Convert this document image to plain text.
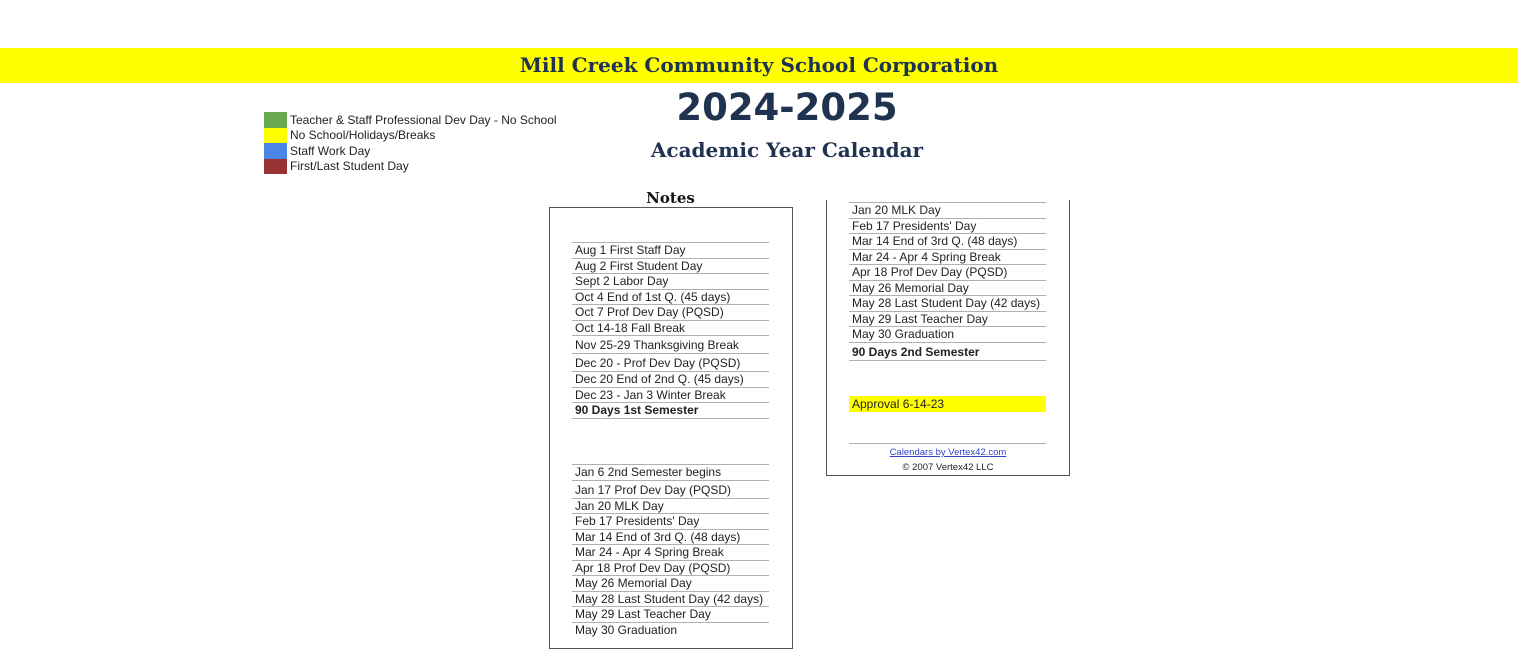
Mill Creek Community School Corporation
2024-2025
Academic Year Calendar
Teacher & Staff Professional Dev Day - No School
No School/Holidays/Breaks
Staff Work Day
First/Last Student Day
Notes
Aug 1 First Staff Day
Aug 2 First Student Day
Sept 2 Labor Day
Oct 4 End of 1st Q. (45 days)
Oct 7 Prof Dev Day (PQSD)
Oct 14-18 Fall Break
Nov 25-29 Thanksgiving Break
Dec 20 - Prof Dev Day (PQSD)
Dec 20 End of 2nd Q. (45 days)
Dec 23 - Jan 3 Winter Break
90 Days 1st Semester
Jan 6 2nd Semester begins
Jan 17 Prof Dev Day (PQSD)
Jan 20 MLK Day
Feb 17 Presidents' Day
Mar 14 End of 3rd Q. (48 days)
Mar 24 - Apr 4 Spring Break
Apr 18 Prof Dev Day (PQSD)
May 26 Memorial Day
May 28 Last Student Day (42 days)
May 29 Last Teacher Day
May 30 Graduation
Jan 20 MLK Day
Feb 17 Presidents' Day
Mar 14 End of 3rd Q. (48 days)
Mar 24 - Apr 4 Spring Break
Apr 18 Prof Dev Day (PQSD)
May 26 Memorial Day
May 28 Last Student Day (42 days)
May 29 Last Teacher Day
May 30 Graduation
90 Days 2nd Semester
Approval 6-14-23
Calendars by Vertex42.com
© 2007 Vertex42 LLC
